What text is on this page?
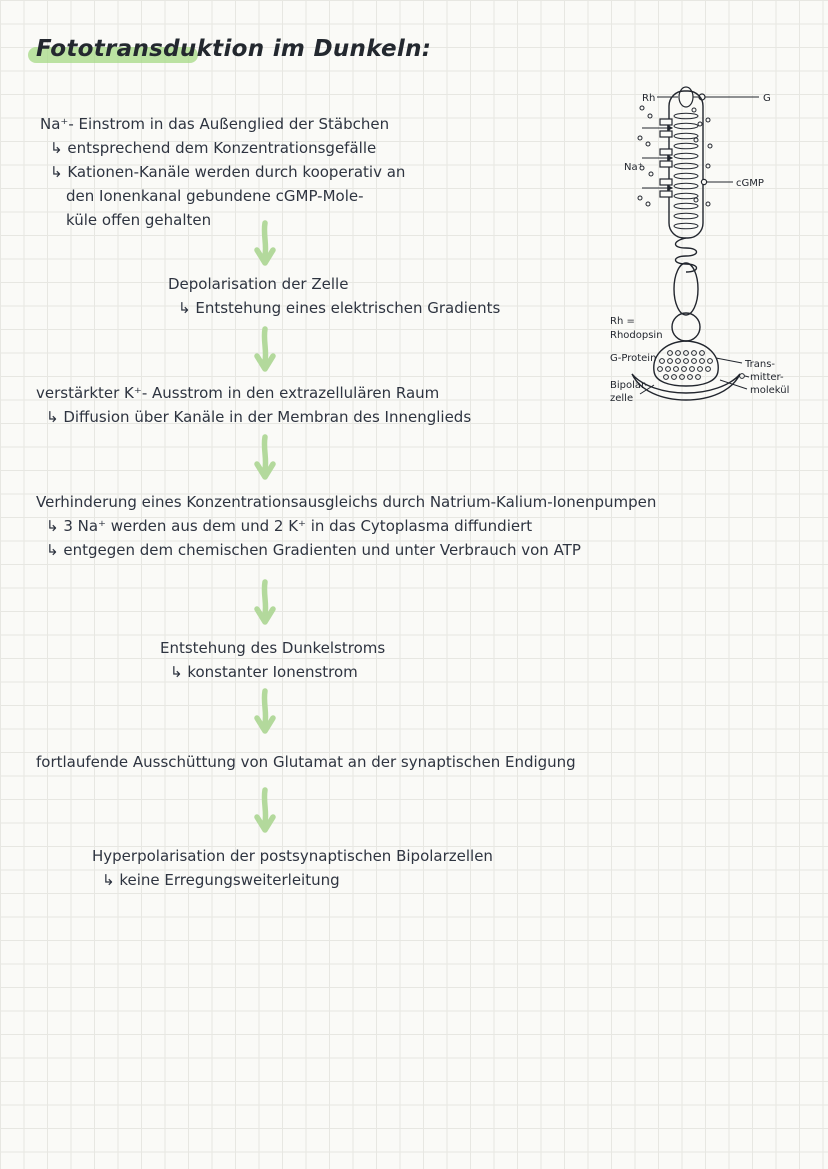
Fototransduktion im Dunkeln:
Na⁺- Einstrom in das Außenglied der Stäbchen
↳ entsprechend dem Konzentrationsgefälle
↳ Kationen-Kanäle werden durch kooperativ an
den Ionenkanal gebundene cGMP-Mole-
küle offen gehalten
Depolarisation der Zelle
↳ Entstehung eines elektrischen Gradients
verstärkter K⁺- Ausstrom in den extrazellulären Raum
↳ Diffusion über Kanäle in der Membran des Innenglieds
Verhinderung eines Konzentrationsausgleichs durch Natrium-Kalium-Ionenpumpen
↳ 3 Na⁺ werden aus dem und 2 K⁺ in das Cytoplasma diffundiert
↳ entgegen dem chemischen Gradienten und unter Verbrauch von ATP
Entstehung des Dunkelstroms
↳ konstanter Ionenstrom
fortlaufende Ausschüttung von Glutamat an der synaptischen Endigung
Hyperpolarisation der postsynaptischen Bipolarzellen
↳ keine Erregungsweiterleitung
Rh	G
Na⁺
cGMP
Rh =
Rhodopsin
G-Protein
Bipolar-
zelle
Trans-
mitter-
molekül
